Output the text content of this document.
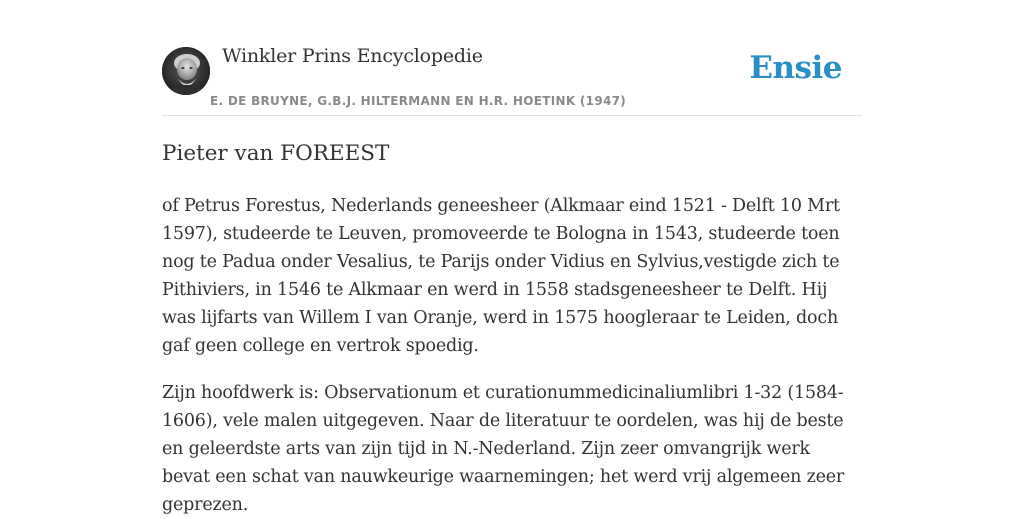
Winkler Prins Encyclopedie
E. DE BRUYNE, G.B.J. HILTERMANN EN H.R. HOETINK (1947)
Ensie
Pieter van FOREEST

of Petrus Forestus, Nederlands geneesheer (Alkmaar eind 1521 - Delft 10 Mrt 1597), studeerde te Leuven, promoveerde te Bologna in 1543, studeerde toen nog te Padua onder Vesalius, te Parijs onder Vidius en Sylvius,vestigde zich te Pithiviers, in 1546 te Alkmaar en werd in 1558 stadsgeneesheer te Delft. Hij was lijfarts van Willem I van Oranje, werd in 1575 hoogleraar te Leiden, doch gaf geen college en vertrok spoedig.

Zijn hoofdwerk is: Observationum et curationummedicinaliumlibri 1-32 (1584-1606), vele malen uitgegeven. Naar de literatuur te oordelen, was hij de beste en geleerdste arts van zijn tijd in N.-Nederland. Zijn zeer omvangrijk werk bevat een schat van nauwkeurige waarnemingen; het werd vrij algemeen zeer geprezen.
